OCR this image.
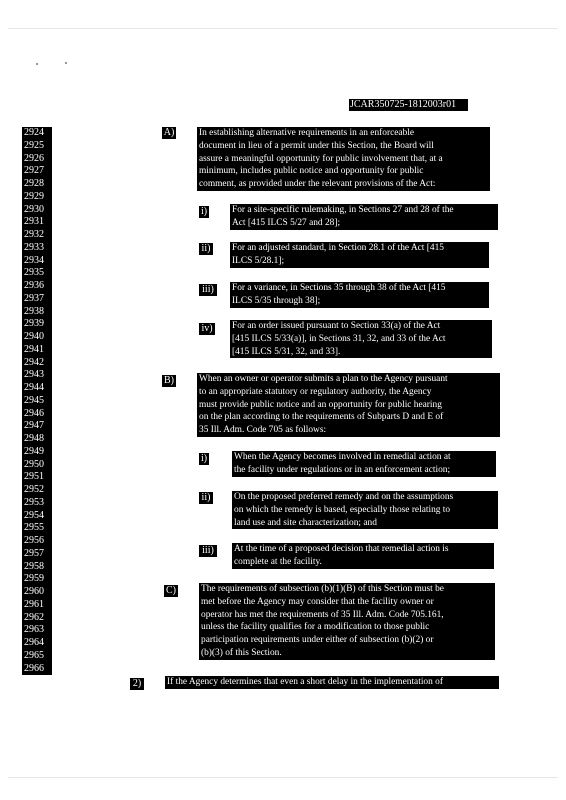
JCAR350725-1812003r01
2924
2925
2926
2927
2928
2929
2930
2931
2932
2933
2934
2935
2936
2937
2938
2939
2940
2941
2942
2943
2944
2945
2946
2947
2948
2949
2950
2951
2952
2953
2954
2955
2956
2957
2958
2959
2960
2961
2962
2963
2964
2965
2966
A)	In establishing alternative requirements in an enforceable
document in lieu of a permit under this Section, the Board will
assure a meaningful opportunity for public involvement that, at a
minimum, includes public notice and opportunity for public
comment, as provided under the relevant provisions of the Act:
i)	For a site-specific rulemaking, in Sections 27 and 28 of the
Act [415 ILCS 5/27 and 28];
ii) For an adjusted standard, in Section 28.1 of the Act [415
ILCS 5/28.1];
iii)	For a variance, in Sections 35 through 38 of the Act [415
ILCS 5/35 through 38];
iv) For an order issued pursuant to Section 33(a) of the Act
[415 ILCS 5/33(a)], in Sections 31, 32, and 33 of the Act
[415 ILCS 5/31, 32, and 33].
B)	When an owner or operator submits a plan to the Agency pursuant
to an appropriate statutory or regulatory authority, the Agency
must provide public notice and an opportunity for public hearing
on the plan according to the requirements of Subparts D and E of
35 Ill. Adm. Code 705 as follows:
i)	When the Agency becomes involved in remedial action at
the facility under regulations or in an enforcement action;
ii)	On the proposed preferred remedy and on the assumptions
on which the remedy is based, especially those relating to
land use and site characterization; and
iii)	At the time of a proposed decision that remedial action is
complete at the facility.
C)	The requirements of subsection (b)(1)(B) of this Section must be
met before the Agency may consider that the facility owner or
operator has met the requirements of 35 Ill. Adm. Code 705.161,
unless the facility qualifies for a modification to those public
participation requirements under either of subsection (b)(2) or
(b)(3) of this Section.
2)	If the Agency determines that even a short delay in the implementation of
